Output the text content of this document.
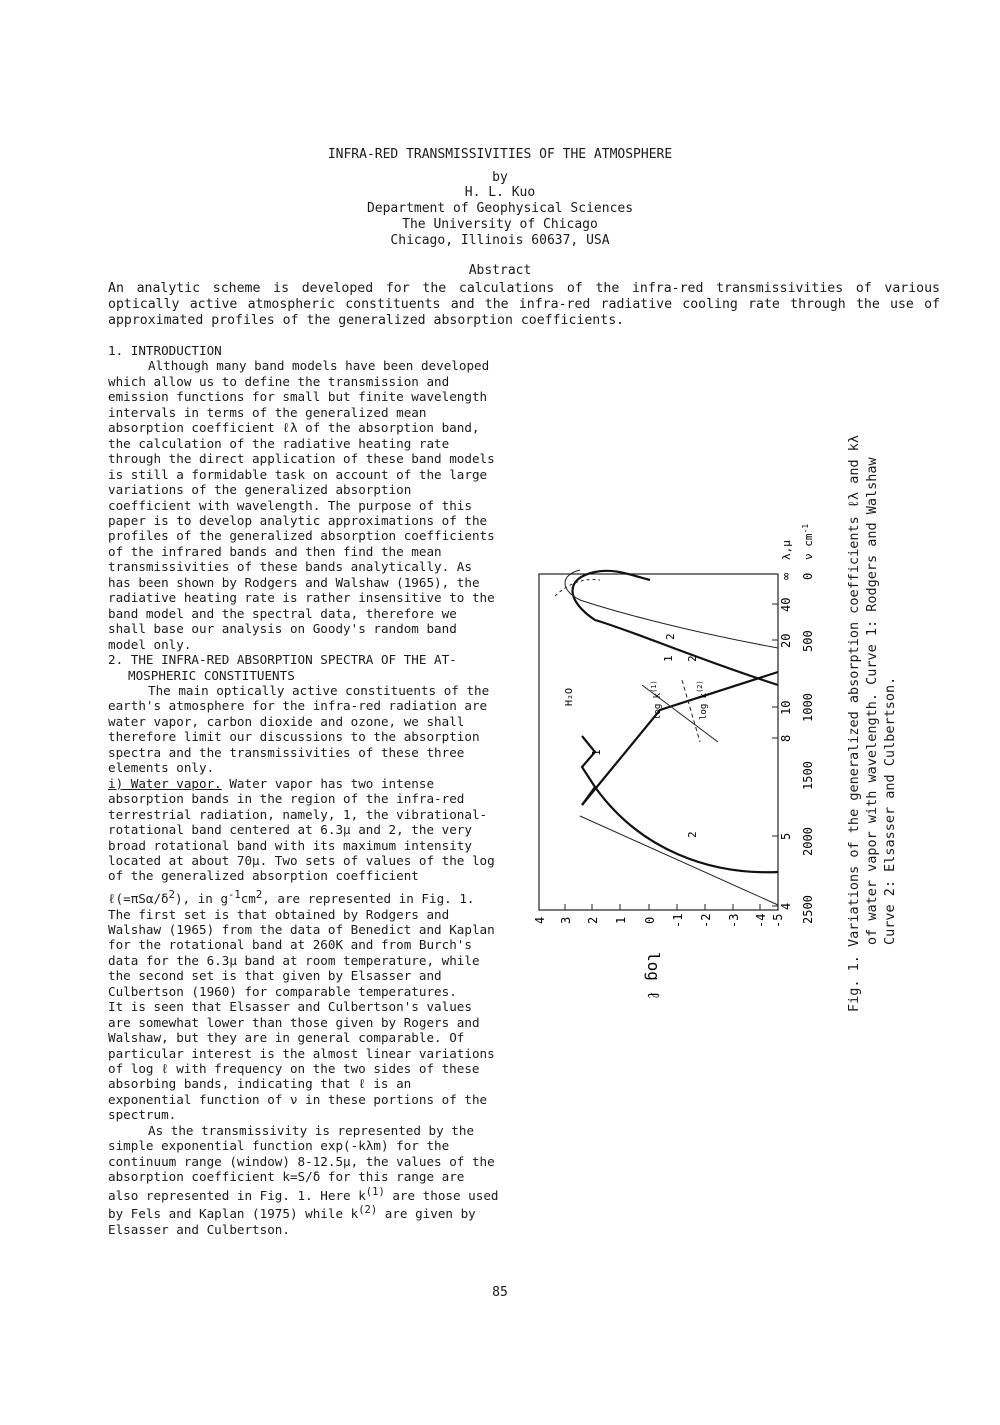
INFRA-RED TRANSMISSIVITIES OF THE ATMOSPHERE
by
H. L. Kuo
Department of Geophysical Sciences
The University of Chicago
Chicago, Illinois 60637, USA
Abstract
An analytic scheme is developed for the calculations of the infra-red transmissivities of various optically active atmospheric constituents and the infra-red radiative cooling rate through the use of approximated profiles of the generalized absorption coefficients.

1. INTRODUCTION

Although many band models have been developed which allow us to define the transmission and emission functions for small but finite wavelength intervals in terms of the generalized mean absorption coefficient ℓλ of the absorption band, the calculation of the radiative heating rate through the direct application of these band models is still a formidable task on account of the large variations of the generalized absorption coefficient with wavelength. The purpose of this paper is to develop analytic approximations of the profiles of the generalized absorption coefficients of the infrared bands and then find the mean transmissivities of these bands analytically. As has been shown by Rodgers and Walshaw (1965), the radiative heating rate is rather insensitive to the band model and the spectral data, therefore we shall base our analysis on Goody's random band model only.

2. THE INFRA-RED ABSORPTION SPECTRA OF THE AT-

MOSPHERIC CONSTITUENTS

The main optically active constituents of the earth's atmosphere for the infra-red radiation are water vapor, carbon dioxide and ozone, we shall therefore limit our discussions to the absorption spectra and the transmissivities of these three elements only.

i) Water vapor. Water vapor has two intense absorption bands in the region of the infra-red terrestrial radiation, namely, 1, the vibrational-rotational band centered at 6.3μ and 2, the very broad rotational band with its maximum intensity located at about 70μ. Two sets of values of the log of the generalized absorption coefficient

$\ell(=\pi S\alpha/\delta^2)$, in $g^{-1}cm^2$, are represented in Fig. 1.

The first set is that obtained by Rodgers and Walshaw (1965) from the data of Benedict and Kaplan for the rotational band at 260K and from Burch's data for the 6.3μ band at room temperature, while the second set is that given by Elsasser and Culbertson (1960) for comparable temperatures.

It is seen that Elsasser and Culbertson's values are somewhat lower than those given by Rogers and Walshaw, but they are in general comparable. Of particular interest is the almost linear variations of log ℓ with frequency on the two sides of these absorbing bands, indicating that ℓ is an exponential function of ν in these portions of the spectrum.

As the transmissivity is represented by the simple exponential function exp(-kλm) for the continuum range (window) 8-12.5μ, the values of the absorption coefficient k=S/δ for this range are also represented in Fig. 1. Here $k^{(1)}$ are those used by Fels and Kaplan (1975) while $k^{(2)}$ are given by Elsasser and Culbertson.

1 2
2
1
2
H₂O	$\log k^{(1)}$
$\log k^{(2)}$
4 3 2 1 0 -1 -2 -3 -4 -5
log ℓ
∞
40
20
10
8
5
4
0
500
1000
1500
2000
2500
λ,μ ν $cm^{-1}$	Fig. 1. Variations of the generalized absorption coefficients ℓλ and kλ of water vapor with wavelength. Curve 1: Rodgers and Walshaw Curve 2: Elsasser and Culbertson.
85
